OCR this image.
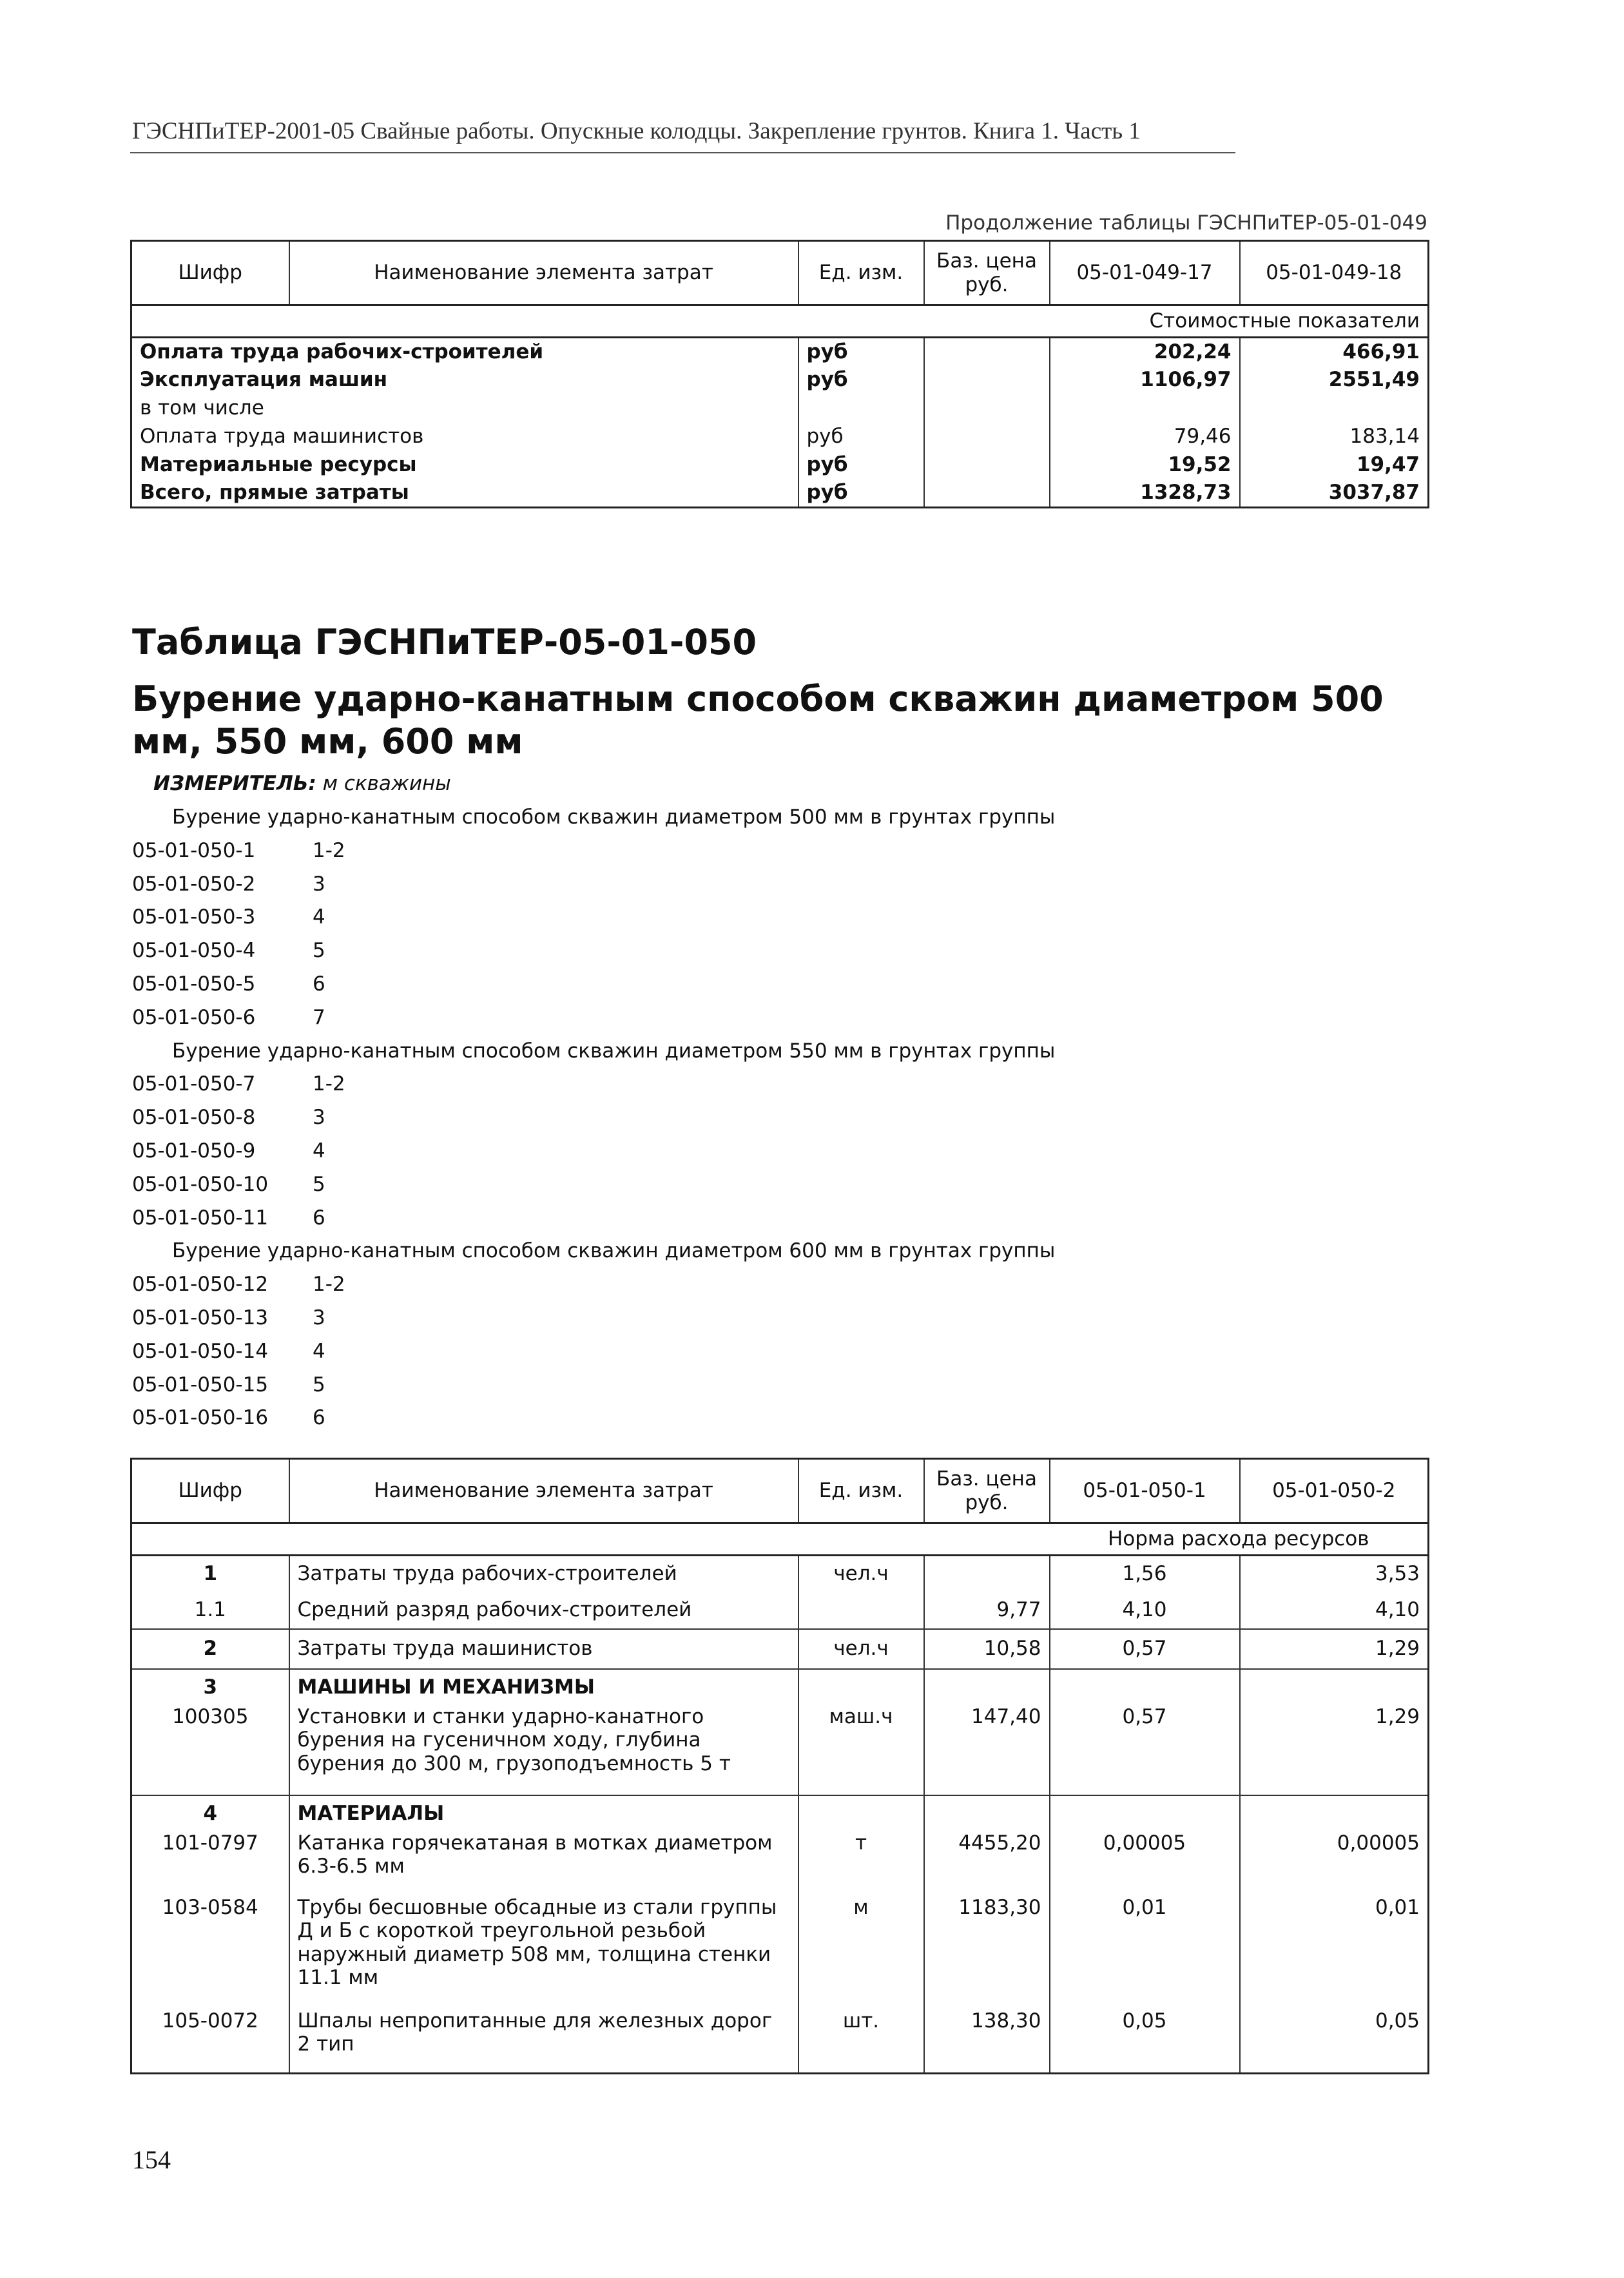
ГЭСНПиТЕР-2001-05 Свайные работы. Опускные колодцы. Закрепление грунтов. Книга 1. Часть 1
Продолжение таблицы ГЭСНПиТЕР-05-01-049
Шифр	Наименование элемента затрат	Ед. изм.	Баз. цена руб.	05-01-049-17	05-01-049-18
Стоимостные показатели					
Оплата труда рабочих-строителей		руб		202,24	466,91
Эксплуатация машин		руб		1106,97	2551,49
в том числе					
Оплата труда машинистов		руб		79,46	183,14
Материальные ресурсы		руб		19,52	19,47
Всего, прямые затраты		руб		1328,73	3037,87
Таблица ГЭСНПиТЕР-05-01-050
Бурение ударно-канатным способом скважин диаметром 500 мм, 550 мм, 600 мм
ИЗМЕРИТЕЛЬ: м скважины
Бурение ударно-канатным способом скважин диаметром 500 мм в грунтах группы
05-01-050-1	1-2
05-01-050-2	3
05-01-050-3	4
05-01-050-4	5
05-01-050-5	6
05-01-050-6	7
Бурение ударно-канатным способом скважин диаметром 550 мм в грунтах группы
05-01-050-7	1-2
05-01-050-8	3
05-01-050-9	4
05-01-050-10 5
05-01-050-11 6
Бурение ударно-канатным способом скважин диаметром 600 мм в грунтах группы
05-01-050-12 1-2
05-01-050-13 3
05-01-050-14 4
05-01-050-15 5
05-01-050-16 6
Шифр	Наименование элемента затрат	Ед. изм.	Баз. цена руб.	05-01-050-1	05-01-050-2
				Норма расхода ресурсов	
1	Затраты труда рабочих-строителей	чел.ч		1,56	3,53
1.1	Средний разряд рабочих-строителей		9,77	4,10	4,10
2	Затраты труда машинистов	чел.ч	10,58	0,57	1,29
3	МАШИНЫ И МЕХАНИЗМЫ				
100305	Установки и станки ударно-канатного бурения на гусеничном ходу, глубина бурения до 300 м, грузоподъемность 5 т	маш.ч	147,40	0,57	1,29
4	МАТЕРИАЛЫ				
101-0797	Катанка горячекатаная в мотках диаметром 6.3-6.5 мм	т	4455,20	0,00005	0,00005
103-0584	Трубы бесшовные обсадные из стали группы Д и Б с короткой треугольной резьбой наружный диаметр 508 мм, толщина стенки 11.1 мм	м	1183,30	0,01	0,01
105-0072	Шпалы непропитанные для железных дорог 2 тип	шт.	138,30	0,05	0,05
154
